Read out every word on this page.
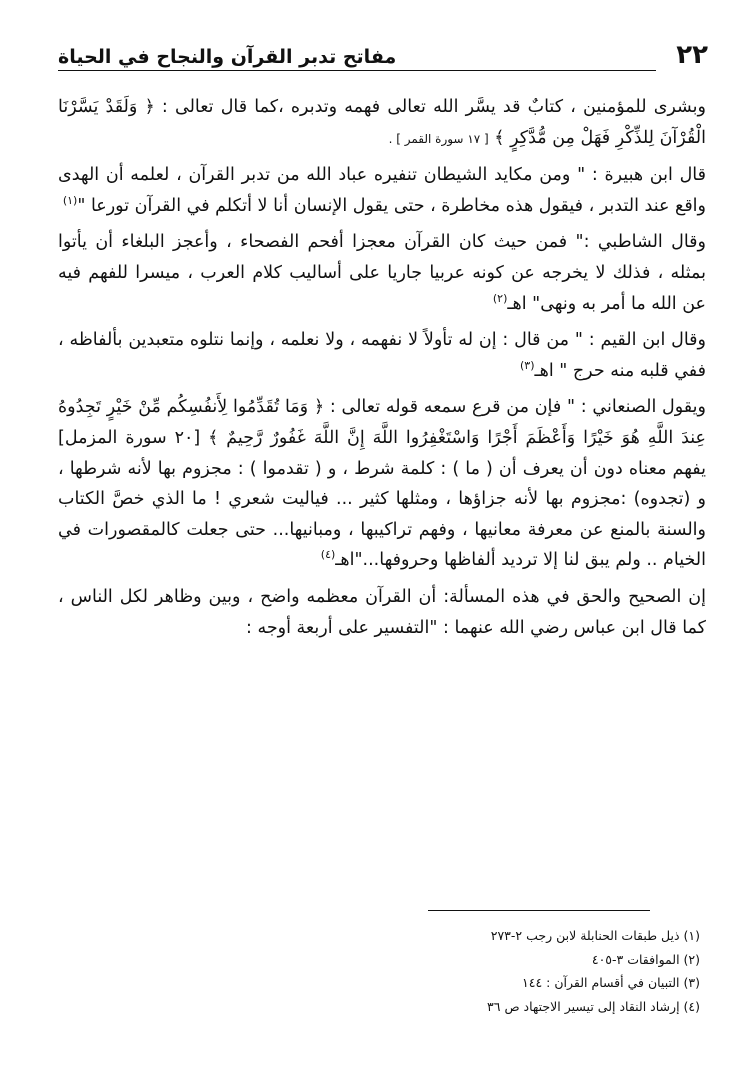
٢٢
مفاتح تدبر القرآن والنجاح في الحياة

وبشرى للمؤمنين ، كتابٌ قد يسَّر الله تعالى فهمه وتدبره ،كما قال تعالى : ﴿ وَلَقَدْ يَسَّرْنَا الْقُرْآنَ لِلذِّكْرِ فَهَلْ مِن مُّدَّكِرٍ ﴾ [ ١٧ سورة القمر ] .

قال ابن هبيرة : " ومن مكايد الشيطان تنفيره عباد الله من تدبر القرآن ، لعلمه أن الهدى واقع عند التدبر ، فيقول هذه مخاطرة ، حتى يقول الإنسان أنا لا أتكلم في القرآن تورعا "$^{(١)}$

وقال الشاطبي :" فمن حيث كان القرآن معجزا أفحم الفصحاء ، وأعجز البلغاء أن يأتوا بمثله ، فذلك لا يخرجه عن كونه عربيا جاريا على أساليب كلام العرب ، ميسرا للفهم فيه عن الله ما أمر به ونهى" اهـ$^{(٢)}$

وقال ابن القيم : " من قال : إن له تأولاً لا نفهمه ، ولا نعلمه ، وإنما نتلوه متعبدين بألفاظه ، ففي قلبه منه حرج " اهـ$^{(٣)}$

ويقول الصنعاني : " فإن من قرع سمعه قوله تعالى : ﴿ وَمَا تُقَدِّمُوا لِأَنفُسِكُم مِّنْ خَيْرٍ تَجِدُوهُ عِندَ اللَّهِ هُوَ خَيْرًا وَأَعْظَمَ أَجْرًا وَاسْتَغْفِرُوا اللَّهَ إِنَّ اللَّهَ غَفُورٌ رَّحِيمٌ ﴾ [٢٠ سورة المزمل] يفهم معناه دون أن يعرف أن ( ما ) : كلمة شرط ، و ( تقدموا ) : مجزوم بها لأنه شرطها ، و (تجدوه) :مجزوم بها لأنه جزاؤها ، ومثلها كثير ... فياليت شعري ! ما الذي خصَّ الكتاب والسنة بالمنع عن معرفة معانيها ، وفهم تراكيبها ، ومبانيها... حتى جعلت كالمقصورات في الخيام .. ولم يبق لنا إلا ترديد ألفاظها وحروفها..."اهـ$^{(٤)}$

إن الصحيح والحق في هذه المسألة: أن القرآن معظمه واضح ، وبين وظاهر لكل الناس ، كما قال ابن عباس رضي الله عنهما : "التفسير على أربعة أوجه :

(١) ذيل طبقات الحنابلة لابن رجب ٢-٢٧٣
(٢) الموافقات ٣-٤٠٥
(٣) التبيان في أقسام القرآن : ١٤٤
(٤) إرشاد النقاد إلى تيسير الاجتهاد ص ٣٦
